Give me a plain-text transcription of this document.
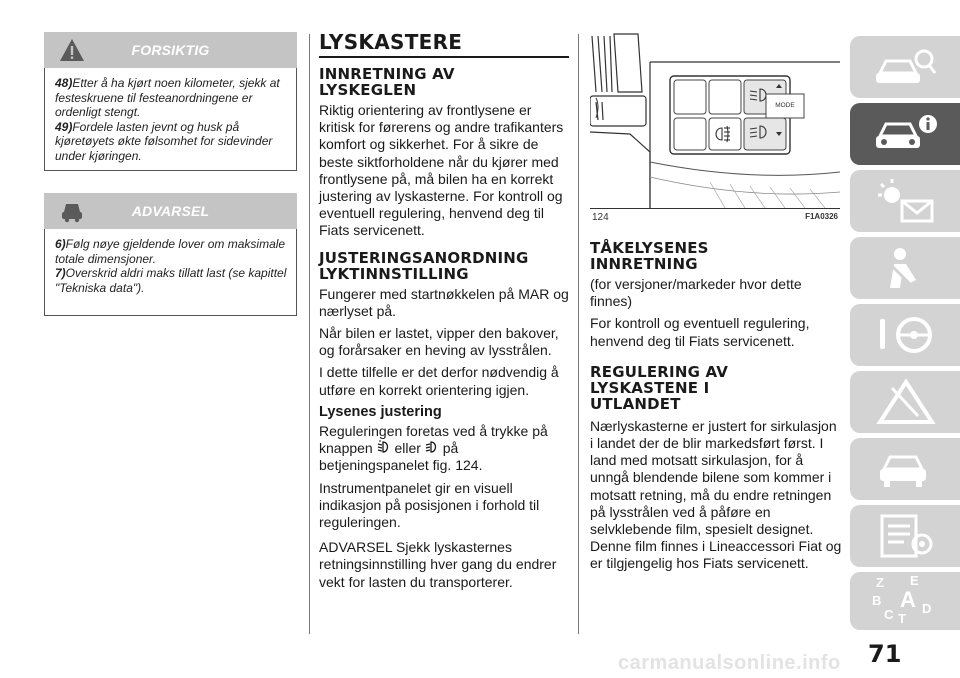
FORSIKTIG
48)Etter å ha kjørt noen kilometer, sjekk at festeskruene til festeanordningene er ordenligt stengt.
49)Fordele lasten jevnt og husk på kjøretøyets økte følsomhet for sidevinder under kjøringen.
ADVARSEL
6)Følg nøye gjeldende lover om maksimale totale dimensjoner.
7)Overskrid aldri maks tillatt last (se kapittel "Tekniska data").
LYSKASTERE
INNRETNING AV LYSKEGLEN
Riktig orientering av frontlysene er kritisk for førerens og andre trafikanters komfort og sikkerhet. For å sikre de beste siktforholdene når du kjører med frontlysene på, må bilen ha en korrekt justering av lyskasterne. For kontroll og eventuell regulering, henvend deg til Fiats servicenett.
JUSTERINGSANORDNING LYKTINNSTILLING
Fungerer med startnøkkelen på MAR og nærlyset på.
Når bilen er lastet, vipper den bakover, og forårsaker en heving av lysstrålen.
I dette tilfelle er det derfor nødvendig å utføre en korrekt orientering igjen.
Lysenes justering
Reguleringen foretas ved å trykke på knappen eller på betjeningspanelet fig. 124.
Instrumentpanelet gir en visuell indikasjon på posisjonen i forhold til reguleringen.
ADVARSEL Sjekk lyskasternes retningsinnstilling hver gang du endrer vekt for lasten du transporterer.
MODE
124	F1A0326
TÅKELYSENES INNRETNING
(for versjoner/markeder hvor dette finnes)
For kontroll og eventuell regulering, henvend deg til Fiats servicenett.
REGULERING AV LYSKASTENE I UTLANDET
Nærlyskasterne er justert for sirkulasjon i landet der de blir markedsført først. I land med motsatt sirkulasjon, for å unngå blendende bilene som kommer i motsatt retning, må du endre retningen på lysstrålen ved å påføre en selvklebende film, spesielt designet. Denne film finnes i Lineaccessori Fiat og er tilgjengelig hos Fiats servicenett.
Z E
B A
C T
D
71
carmanualsonline.info
